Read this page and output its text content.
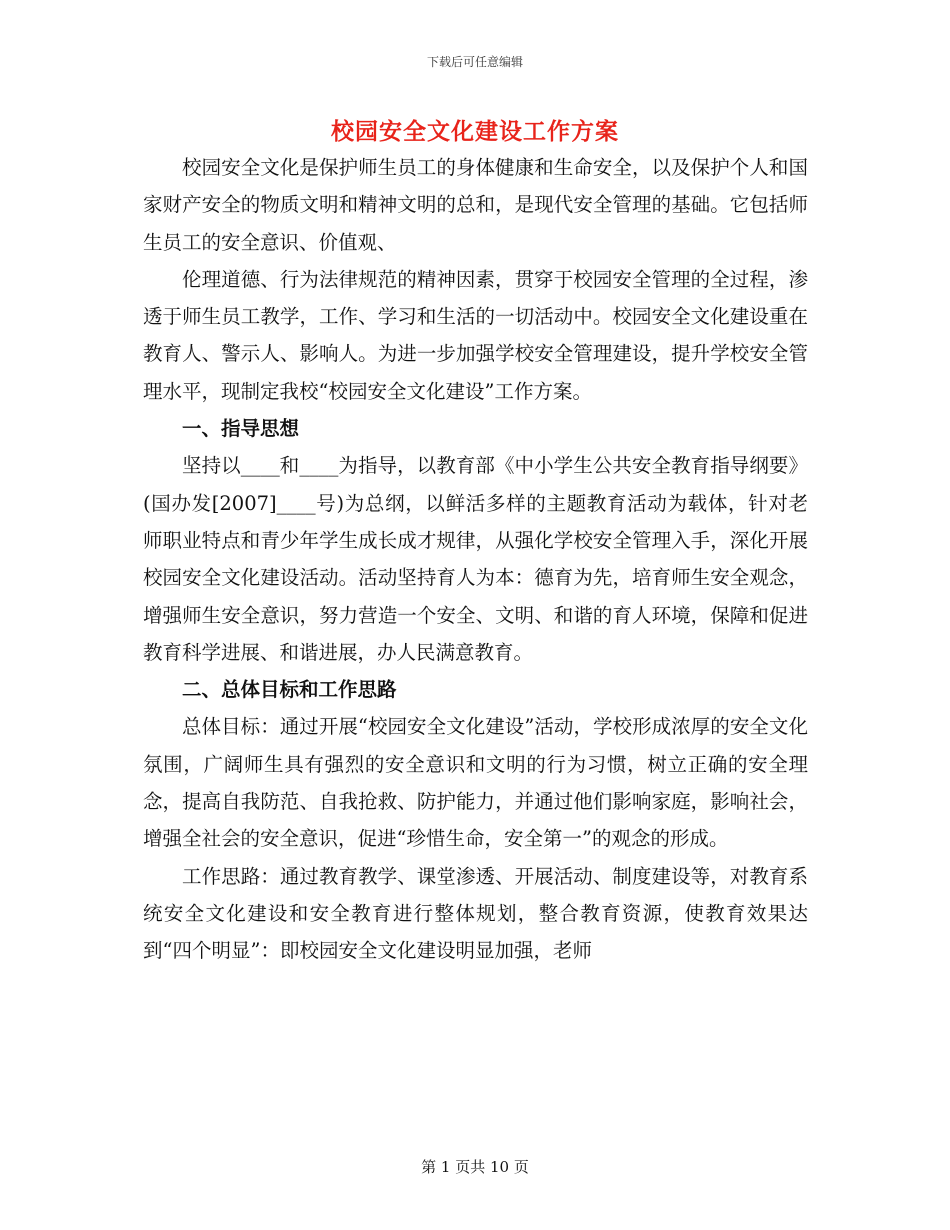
下载后可任意编辑
校园安全文化建设工作方案

校园安全文化是保护师生员工的身体健康和生命安全，以及保护个人和国家财产安全的物质文明和精神文明的总和，是现代安全管理的基础。它包括师生员工的安全意识、价值观、

伦理道德、行为法律规范的精神因素，贯穿于校园安全管理的全过程，渗透于师生员工教学，工作、学习和生活的一切活动中。校园安全文化建设重在教育人、警示人、影响人。为进一步加强学校安全管理建设，提升学校安全管理水平，现制定我校“校园安全文化建设”工作方案。

一、指导思想

坚持以____和____为指导，以教育部《中小学生公共安全教育指导纲要》(国办发[2007]____号)为总纲，以鲜活多样的主题教育活动为载体，针对老师职业特点和青少年学生成长成才规律，从强化学校安全管理入手，深化开展校园安全文化建设活动。活动坚持育人为本：德育为先，培育师生安全观念，增强师生安全意识，努力营造一个安全、文明、和谐的育人环境，保障和促进教育科学进展、和谐进展，办人民满意教育。

二、总体目标和工作思路

总体目标：通过开展“校园安全文化建设”活动，学校形成浓厚的安全文化氛围，广阔师生具有强烈的安全意识和文明的行为习惯，树立正确的安全理念，提高自我防范、自我抢救、防护能力，并通过他们影响家庭，影响社会，增强全社会的安全意识，促进“珍惜生命，安全第一”的观念的形成。

工作思路：通过教育教学、课堂渗透、开展活动、制度建设等，对教育系统安全文化建设和安全教育进行整体规划，整合教育资源，使教育效果达到“四个明显”：即校园安全文化建设明显加强，老师

第 1 页共 10 页
